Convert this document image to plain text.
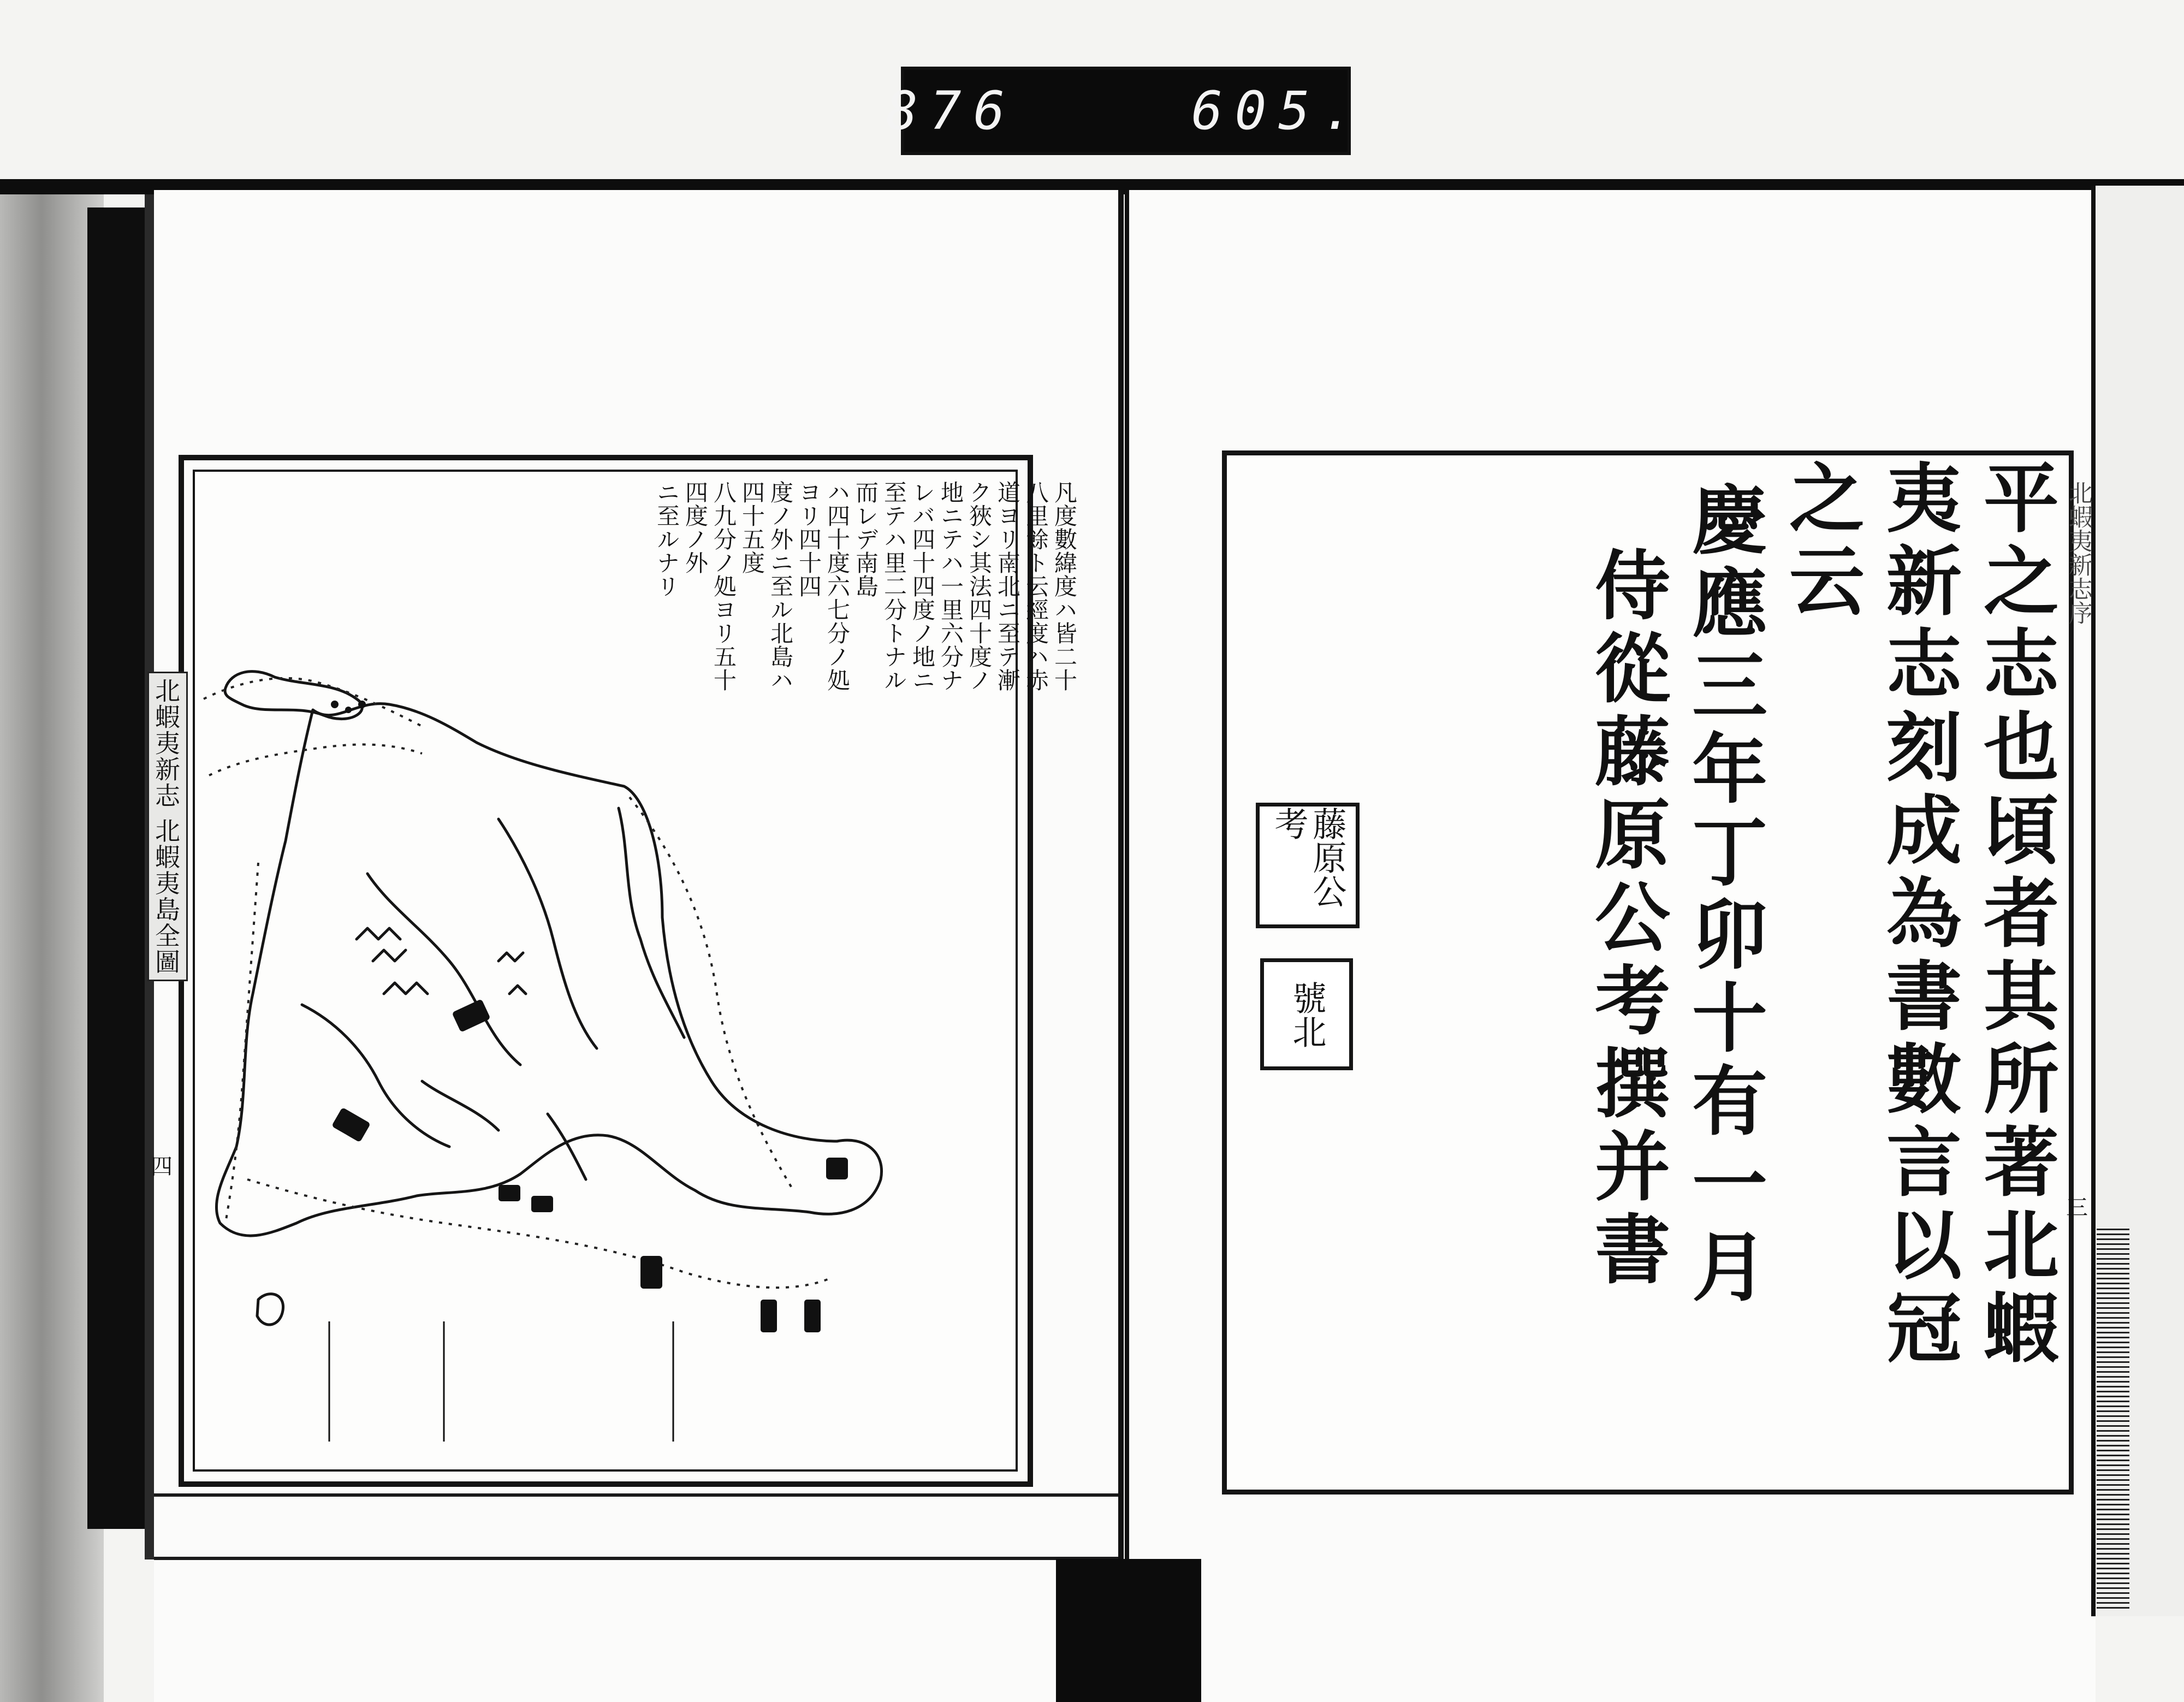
876    605.
凡度數緯度ハ皆二十八里餘ト云經度ハ赤
道ヨリ南北ニ至テ漸ク狹シ其法四十度ノ
地ニテハ一里六分ナレバ四十四度ノ地ニ
至テハ里二分トナル而レデ南島
ハ四十度六七分ノ処ヨリ四十四
度ノ外ニ至ル北島ハ四十五度
八九分ノ処ヨリ五十四度ノ外
ニ至ルナリ
北蝦夷新志 北蝦夷島全圖
四	平之志也頃者其所著北蝦
夷新志刻成為書數言以冠
之云
慶應三年丁卯十有一月
侍從藤原公考撰并書
藤原公考
號北
北蝦夷新志序
三
